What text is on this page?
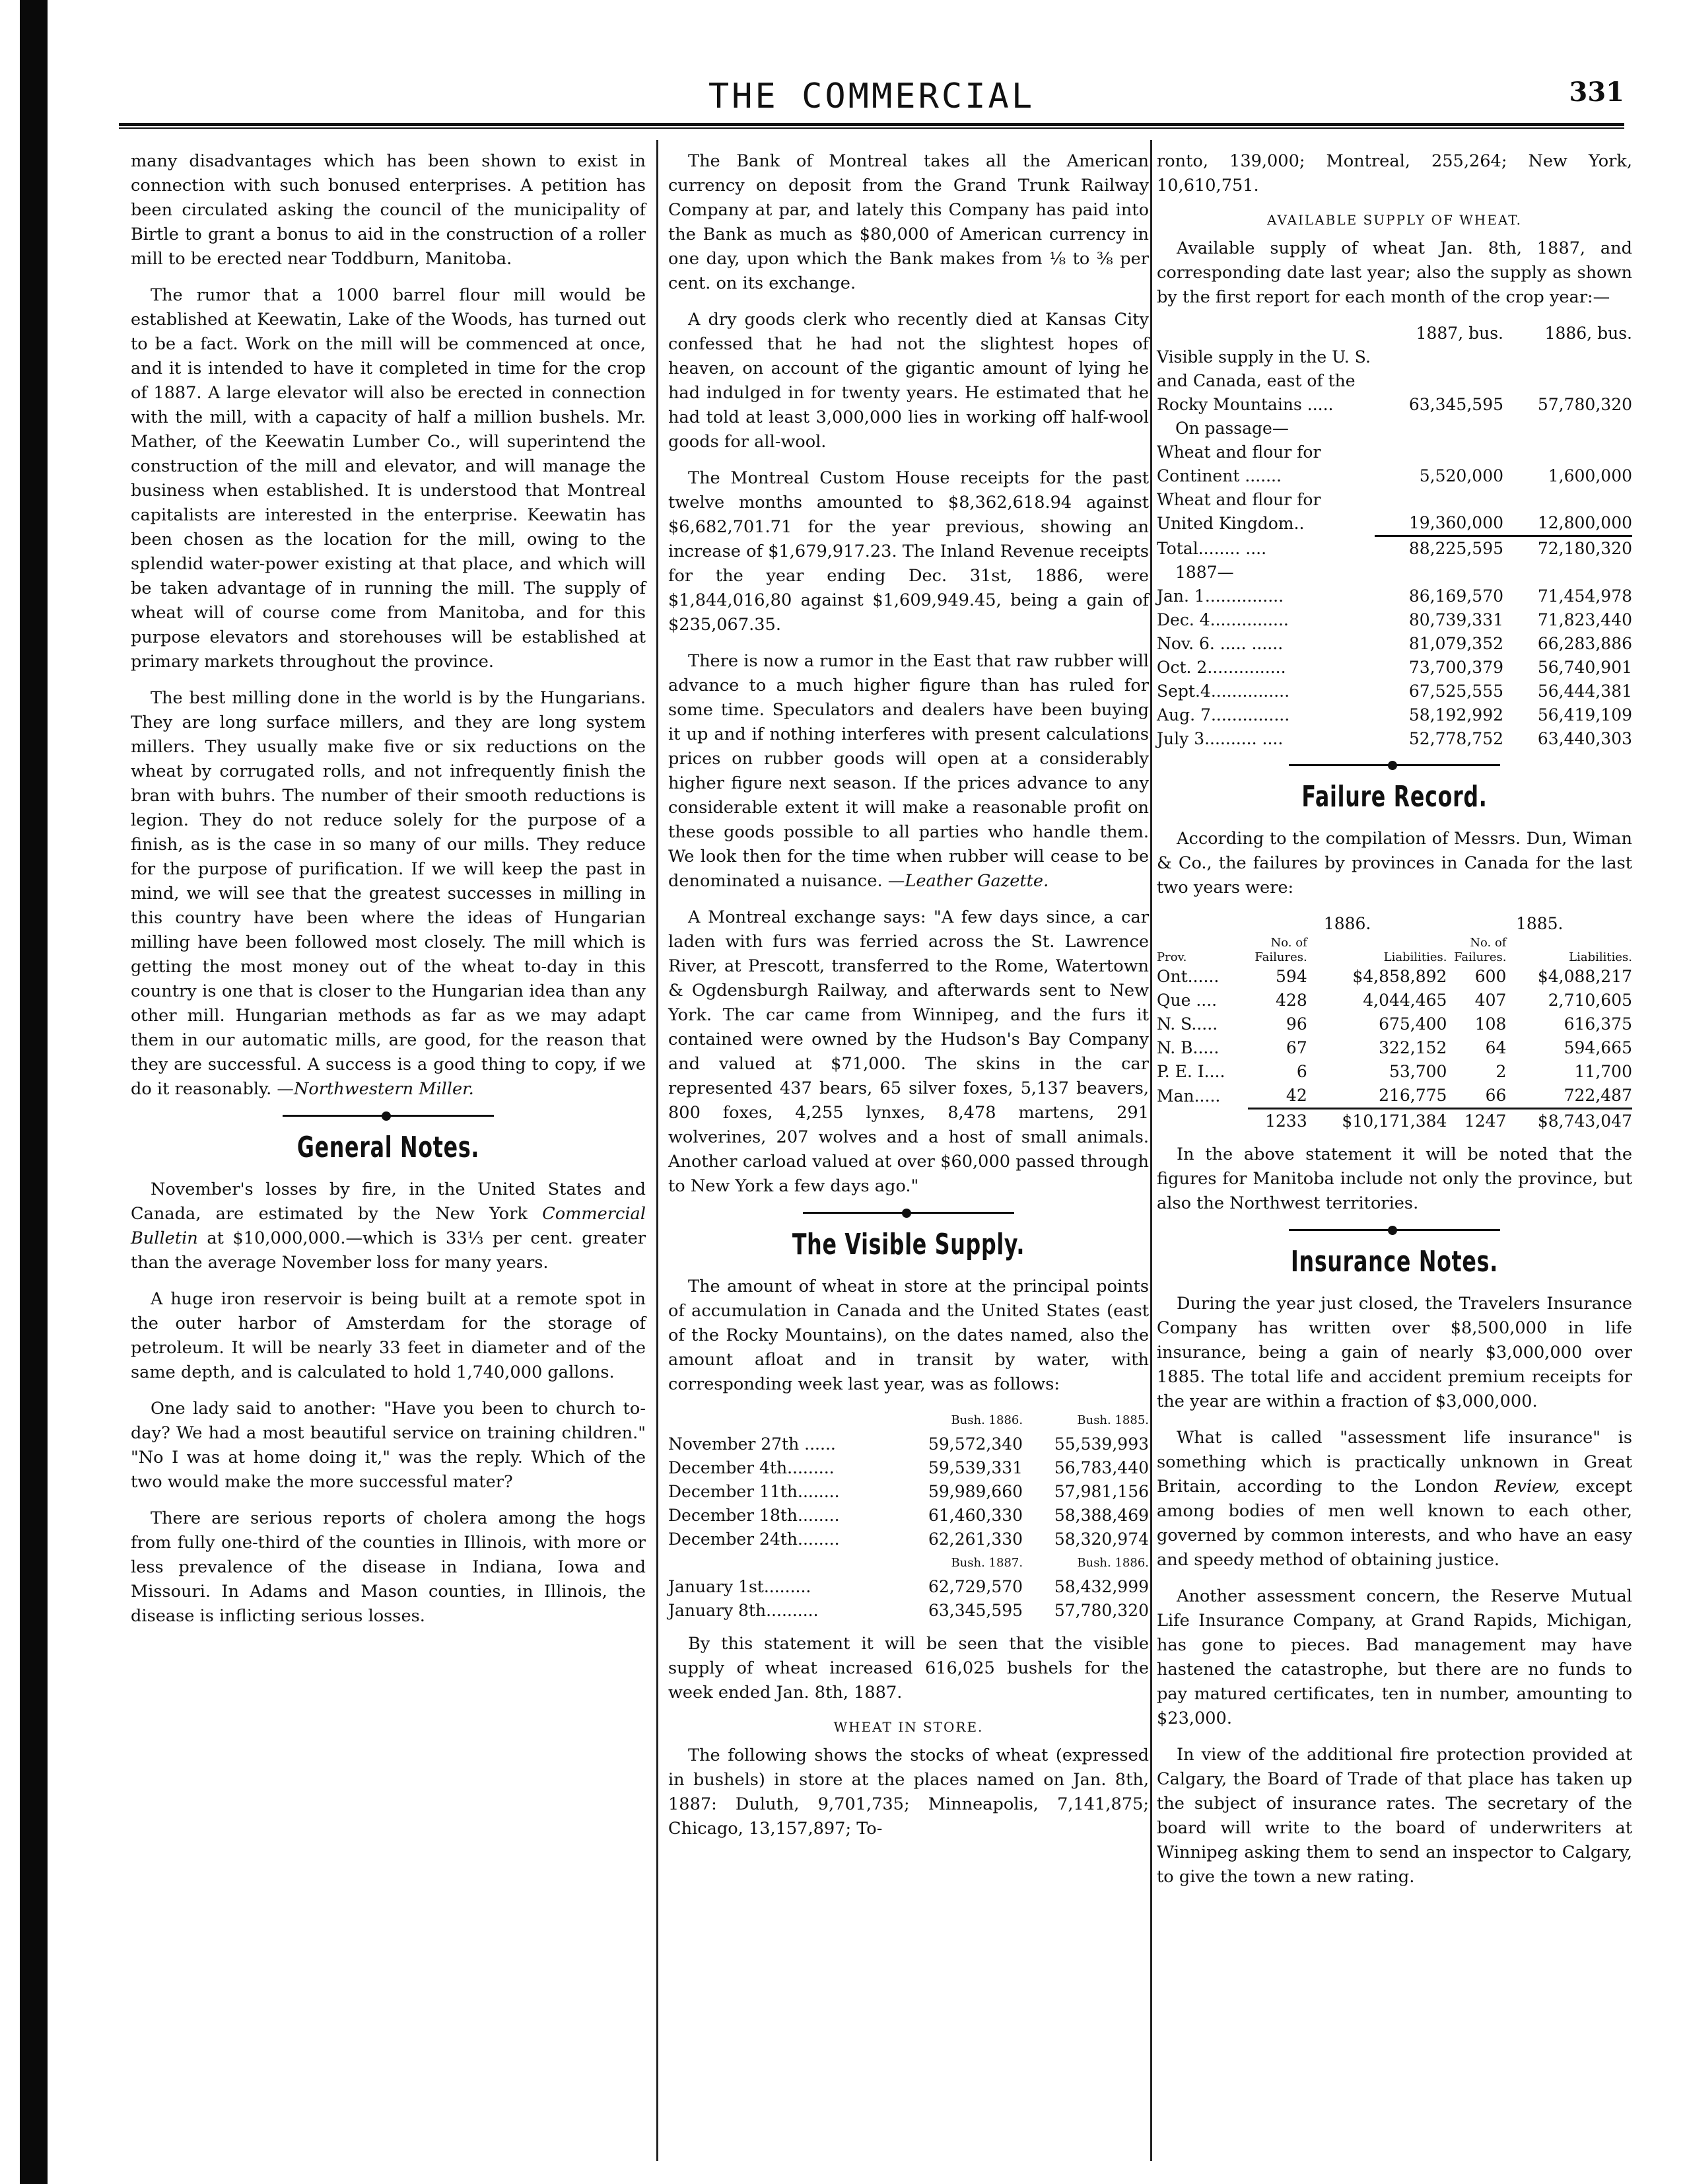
THE COMMERCIAL	331

many disadvantages which has been shown to exist in connection with such bonused enterprises. A petition has been circulated asking the council of the municipality of Birtle to grant a bonus to aid in the construction of a roller mill to be erected near Toddburn, Manitoba.

The rumor that a 1000 barrel flour mill would be established at Keewatin, Lake of the Woods, has turned out to be a fact. Work on the mill will be commenced at once, and it is intended to have it completed in time for the crop of 1887. A large elevator will also be erected in connection with the mill, with a capacity of half a million bushels. Mr. Mather, of the Keewatin Lumber Co., will superintend the construction of the mill and elevator, and will manage the business when established. It is understood that Montreal capitalists are interested in the enterprise. Keewatin has been chosen as the location for the mill, owing to the splendid water-power existing at that place, and which will be taken advantage of in running the mill. The supply of wheat will of course come from Manitoba, and for this purpose elevators and storehouses will be established at primary markets throughout the province.

The best milling done in the world is by the Hungarians. They are long surface millers, and they are long system millers. They usually make five or six reductions on the wheat by corrugated rolls, and not infrequently finish the bran with buhrs. The number of their smooth reductions is legion. They do not reduce solely for the purpose of a finish, as is the case in so many of our mills. They reduce for the purpose of purification. If we will keep the past in mind, we will see that the greatest successes in milling in this country have been where the ideas of Hungarian milling have been followed most closely. The mill which is getting the most money out of the wheat to-day in this country is one that is closer to the Hungarian idea than any other mill. Hungarian methods as far as we may adapt them in our automatic mills, are good, for the reason that they are successful. A success is a good thing to copy, if we do it reasonably. —Northwestern Miller.

General Notes.

November's losses by fire, in the United States and Canada, are estimated by the New York Commercial Bulletin at $10,000,000.—which is 33⅓ per cent. greater than the average November loss for many years.

A huge iron reservoir is being built at a remote spot in the outer harbor of Amsterdam for the storage of petroleum. It will be nearly 33 feet in diameter and of the same depth, and is calculated to hold 1,740,000 gallons.

One lady said to another: "Have you been to church to-day? We had a most beautiful service on training children." "No I was at home doing it," was the reply. Which of the two would make the more successful mater?

There are serious reports of cholera among the hogs from fully one-third of the counties in Illinois, with more or less prevalence of the disease in Indiana, Iowa and Missouri. In Adams and Mason counties, in Illinois, the disease is inflicting serious losses.

The Bank of Montreal takes all the American currency on deposit from the Grand Trunk Railway Company at par, and lately this Company has paid into the Bank as much as $80,000 of American currency in one day, upon which the Bank makes from ⅛ to ⅜ per cent. on its exchange.

A dry goods clerk who recently died at Kansas City confessed that he had not the slightest hopes of heaven, on account of the gigantic amount of lying he had indulged in for twenty years. He estimated that he had told at least 3,000,000 lies in working off half-wool goods for all-wool.

The Montreal Custom House receipts for the past twelve months amounted to $8,362,618.94 against $6,682,701.71 for the year previous, showing an increase of $1,679,917.23. The Inland Revenue receipts for the year ending Dec. 31st, 1886, were $1,844,016,80 against $1,609,949.45, being a gain of $235,067.35.

There is now a rumor in the East that raw rubber will advance to a much higher figure than has ruled for some time. Speculators and dealers have been buying it up and if nothing interferes with present calculations prices on rubber goods will open at a considerably higher figure next season. If the prices advance to any considerable extent it will make a reasonable profit on these goods possible to all parties who handle them. We look then for the time when rubber will cease to be denominated a nuisance. —Leather Gazette.

A Montreal exchange says: "A few days since, a car laden with furs was ferried across the St. Lawrence River, at Prescott, transferred to the Rome, Watertown & Ogdensburgh Railway, and afterwards sent to New York. The car came from Winnipeg, and the furs it contained were owned by the Hudson's Bay Company and valued at $71,000. The skins in the car represented 437 bears, 65 silver foxes, 5,137 beavers, 800 foxes, 4,255 lynxes, 8,478 martens, 291 wolverines, 207 wolves and a host of small animals. Another carload valued at over $60,000 passed through to New York a few days ago."

The Visible Supply.

The amount of wheat in store at the principal points of accumulation in Canada and the United States (east of the Rocky Mountains), on the dates named, also the amount afloat and in transit by water, with corresponding week last year, was as follows:

	Bush. 1886.	Bush. 1885.
November 27th ......	59,572,340	55,539,993
December 4th.........	59,539,331	56,783,440
December 11th........	59,989,660	57,981,156
December 18th........	61,460,330	58,388,469
December 24th........	62,261,330	58,320,974
	Bush. 1887.	Bush. 1886.
January 1st.........	62,729,570	58,432,999
January 8th..........	63,345,595	57,780,320

By this statement it will be seen that the visible supply of wheat increased 616,025 bushels for the week ended Jan. 8th, 1887.

WHEAT IN STORE.

The following shows the stocks of wheat (expressed in bushels) in store at the places named on Jan. 8th, 1887: Duluth, 9,701,735; Minneapolis, 7,141,875; Chicago, 13,157,897; To-

ronto, 139,000; Montreal, 255,264; New York, 10,610,751.

AVAILABLE SUPPLY OF WHEAT.

Available supply of wheat Jan. 8th, 1887, and corresponding date last year; also the supply as shown by the first report for each month of the crop year:—

	1887, bus.	1886, bus.
Visible supply in the U. S. and Canada, east of the Rocky Mountains .....	63,345,595	57,780,320
On passage—		
Wheat and flour for Continent .......	5,520,000	1,600,000
Wheat and flour for United Kingdom..	19,360,000	12,800,000
Total........ ....	88,225,595	72,180,320
1887—		
Jan. 1...............	86,169,570	71,454,978
Dec. 4...............	80,739,331	71,823,440
Nov. 6. ..... ......	81,079,352	66,283,886
Oct. 2...............	73,700,379	56,740,901
Sept.4...............	67,525,555	56,444,381
Aug. 7...............	58,192,992	56,419,109
July 3.......... ....	52,778,752	63,440,303
Failure Record.

According to the compilation of Messrs. Dun, Wiman & Co., the failures by provinces in Canada for the last two years were:

	1886.		1885.	
Prov.	No. of Failures.	Liabilities.	No. of Failures.	Liabilities.
Ont......	594	$4,858,892	600	$4,088,217
Que ....	428	4,044,465	407	2,710,605
N. S.....	96	675,400	108	616,375
N. B.....	67	322,152	64	594,665
P. E. I....	6	53,700	2	11,700
Man.....	42	216,775	66	722,487
	1233	$10,171,384	1247	$8,743,047

In the above statement it will be noted that the figures for Manitoba include not only the province, but also the Northwest territories.

Insurance Notes.

During the year just closed, the Travelers Insurance Company has written over $8,500,000 in life insurance, being a gain of nearly $3,000,000 over 1885. The total life and accident premium receipts for the year are within a fraction of $3,000,000.

What is called "assessment life insurance" is something which is practically unknown in Great Britain, according to the London Review, except among bodies of men well known to each other, governed by common interests, and who have an easy and speedy method of obtaining justice.

Another assessment concern, the Reserve Mutual Life Insurance Company, at Grand Rapids, Michigan, has gone to pieces. Bad management may have hastened the catastrophe, but there are no funds to pay matured certificates, ten in number, amounting to $23,000.

In view of the additional fire protection provided at Calgary, the Board of Trade of that place has taken up the subject of insurance rates. The secretary of the board will write to the board of underwriters at Winnipeg asking them to send an inspector to Calgary, to give the town a new rating.
